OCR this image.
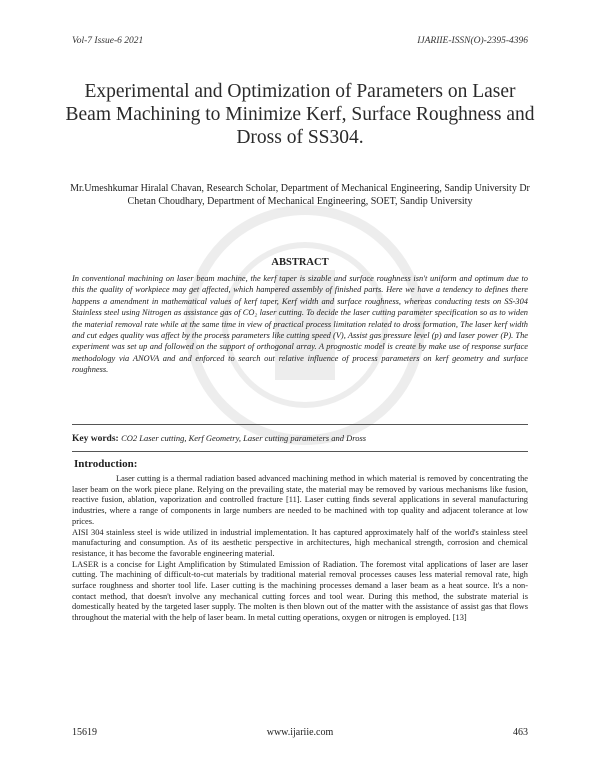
Vol-7 Issue-6 2021	IJARIIE-ISSN(O)-2395-4396
Experimental and Optimization of Parameters on Laser Beam Machining to Minimize Kerf, Surface Roughness and Dross of SS304.
Mr.Umeshkumar Hiralal Chavan, Research Scholar, Department of Mechanical Engineering, Sandip University Dr Chetan Choudhary, Department of Mechanical Engineering, SOET, Sandip University
ABSTRACT
In conventional machining on laser beam machine, the kerf taper is sizable and surface roughness isn't uniform and optimum due to this the quality of workpiece may get affected, which hampered assembly of finished parts. Here we have a tendency to defines there happens a amendment in mathematical values of kerf taper, Kerf width and surface roughness, whereas conducting tests on SS-304 Stainless steel using Nitrogen as assistance gas of CO₂ laser cutting. To decide the laser cutting parameter specification so as to widen the material removal rate while at the same time in view of practical process limitation related to dross formation, The laser kerf width and cut edges quality was affect by the process parameters like cutting speed (V), Assist gas pressure level (p) and laser power (P). The experiment was set up and followed on the support of orthogonal array. A prognostic model is create by make use of response surface methodology via ANOVA and and enforced to search out relative influence of process parameters on kerf geometry and surface roughness.
Key words: CO2 Laser cutting, Kerf Geometry, Laser cutting parameters and Dross
Introduction:

Laser cutting is a thermal radiation based advanced machining method in which material is removed by concentrating the laser beam on the work piece plane. Relying on the prevailing state, the material may be removed by various mechanisms like fusion, reactive fusion, ablation, vaporization and controlled fracture [11]. Laser cutting finds several applications in several manufacturing industries, where a range of components in large numbers are needed to be machined with top quality and adjacent tolerance at low prices.

AISI 304 stainless steel is wide utilized in industrial implementation. It has captured approximately half of the world's stainless steel manufacturing and consumption. As of its aesthetic perspective in architectures, high mechanical strength, corrosion and chemical resistance, it has become the favorable engineering material.

LASER is a concise for Light Amplification by Stimulated Emission of Radiation. The foremost vital applications of laser are laser cutting. The machining of difficult-to-cut materials by traditional material removal processes causes less material removal rate, high surface roughness and shorter tool life. Laser cutting is the machining processes demand a laser beam as a heat source. It's a non-contact method, that doesn't involve any mechanical cutting forces and tool wear. During this method, the substrate material is domestically heated by the targeted laser supply. The molten is then blown out of the matter with the assistance of assist gas that flows throughout the material with the help of laser beam. In metal cutting operations, oxygen or nitrogen is employed. [13]

15619	www.ijariie.com	463
